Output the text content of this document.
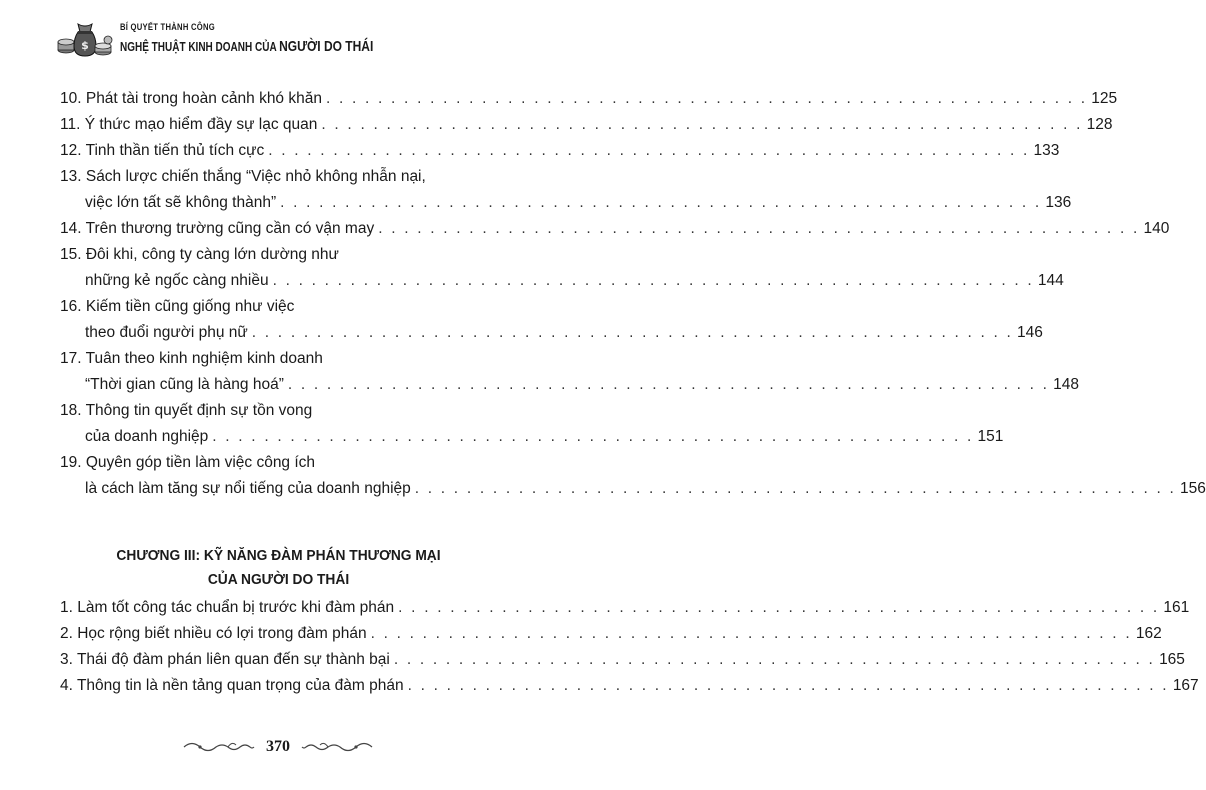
$
BÍ QUYẾT THÀNH CÔNG
NGHỆ THUẬT KINH DOANH CỦA NGƯỜI DO THÁI
10. Phát tài trong hoàn cảnh khó khăn . . . . . . . . . . . . . . . . . . . . . . . . . . . . . . . . . . . . . . . . . . . . . . . . . . . . . . . . . . . 125
11. Ý thức mạo hiểm đầy sự lạc quan . . . . . . . . . . . . . . . . . . . . . . . . . . . . . . . . . . . . . . . . . . . . . . . . . . . . . . . . . . . 128
12. Tinh thần tiến thủ tích cực . . . . . . . . . . . . . . . . . . . . . . . . . . . . . . . . . . . . . . . . . . . . . . . . . . . . . . . . . . . 133
13. Sách lược chiến thắng “Việc nhỏ không nhẫn nại,
việc lớn tất sẽ không thành” . . . . . . . . . . . . . . . . . . . . . . . . . . . . . . . . . . . . . . . . . . . . . . . . . . . . . . . . . . . 136
14. Trên thương trường cũng cần có vận may . . . . . . . . . . . . . . . . . . . . . . . . . . . . . . . . . . . . . . . . . . . . . . . . . . . . . . . . . . . 140
15. Đôi khi, công ty càng lớn dường như
những kẻ ngốc càng nhiều . . . . . . . . . . . . . . . . . . . . . . . . . . . . . . . . . . . . . . . . . . . . . . . . . . . . . . . . . . . 144
16. Kiếm tiền cũng giống như việc
theo đuổi người phụ nữ . . . . . . . . . . . . . . . . . . . . . . . . . . . . . . . . . . . . . . . . . . . . . . . . . . . . . . . . . . . 146
17. Tuân theo kinh nghiệm kinh doanh
“Thời gian cũng là hàng hoá” . . . . . . . . . . . . . . . . . . . . . . . . . . . . . . . . . . . . . . . . . . . . . . . . . . . . . . . . . . . 148
18. Thông tin quyết định sự tồn vong
của doanh nghiệp . . . . . . . . . . . . . . . . . . . . . . . . . . . . . . . . . . . . . . . . . . . . . . . . . . . . . . . . . . . 151
19. Quyên góp tiền làm việc công ích
là cách làm tăng sự nổi tiếng của doanh nghiệp . . . . . . . . . . . . . . . . . . . . . . . . . . . . . . . . . . . . . . . . . . . . . . . . . . . . . . . . . . . 156
CHƯƠNG III: KỸ NĂNG ĐÀM PHÁN THƯƠNG MẠI
CỦA NGƯỜI DO THÁI
1. Làm tốt công tác chuẩn bị trước khi đàm phán . . . . . . . . . . . . . . . . . . . . . . . . . . . . . . . . . . . . . . . . . . . . . . . . . . . . . . . . . . . 161
2. Học rộng biết nhiều có lợi trong đàm phán . . . . . . . . . . . . . . . . . . . . . . . . . . . . . . . . . . . . . . . . . . . . . . . . . . . . . . . . . . . 162
3. Thái độ đàm phán liên quan đến sự thành bại . . . . . . . . . . . . . . . . . . . . . . . . . . . . . . . . . . . . . . . . . . . . . . . . . . . . . . . . . . . 165
4. Thông tin là nền tảng quan trọng của đàm phán . . . . . . . . . . . . . . . . . . . . . . . . . . . . . . . . . . . . . . . . . . . . . . . . . . . . . . . . . . . 167
370
